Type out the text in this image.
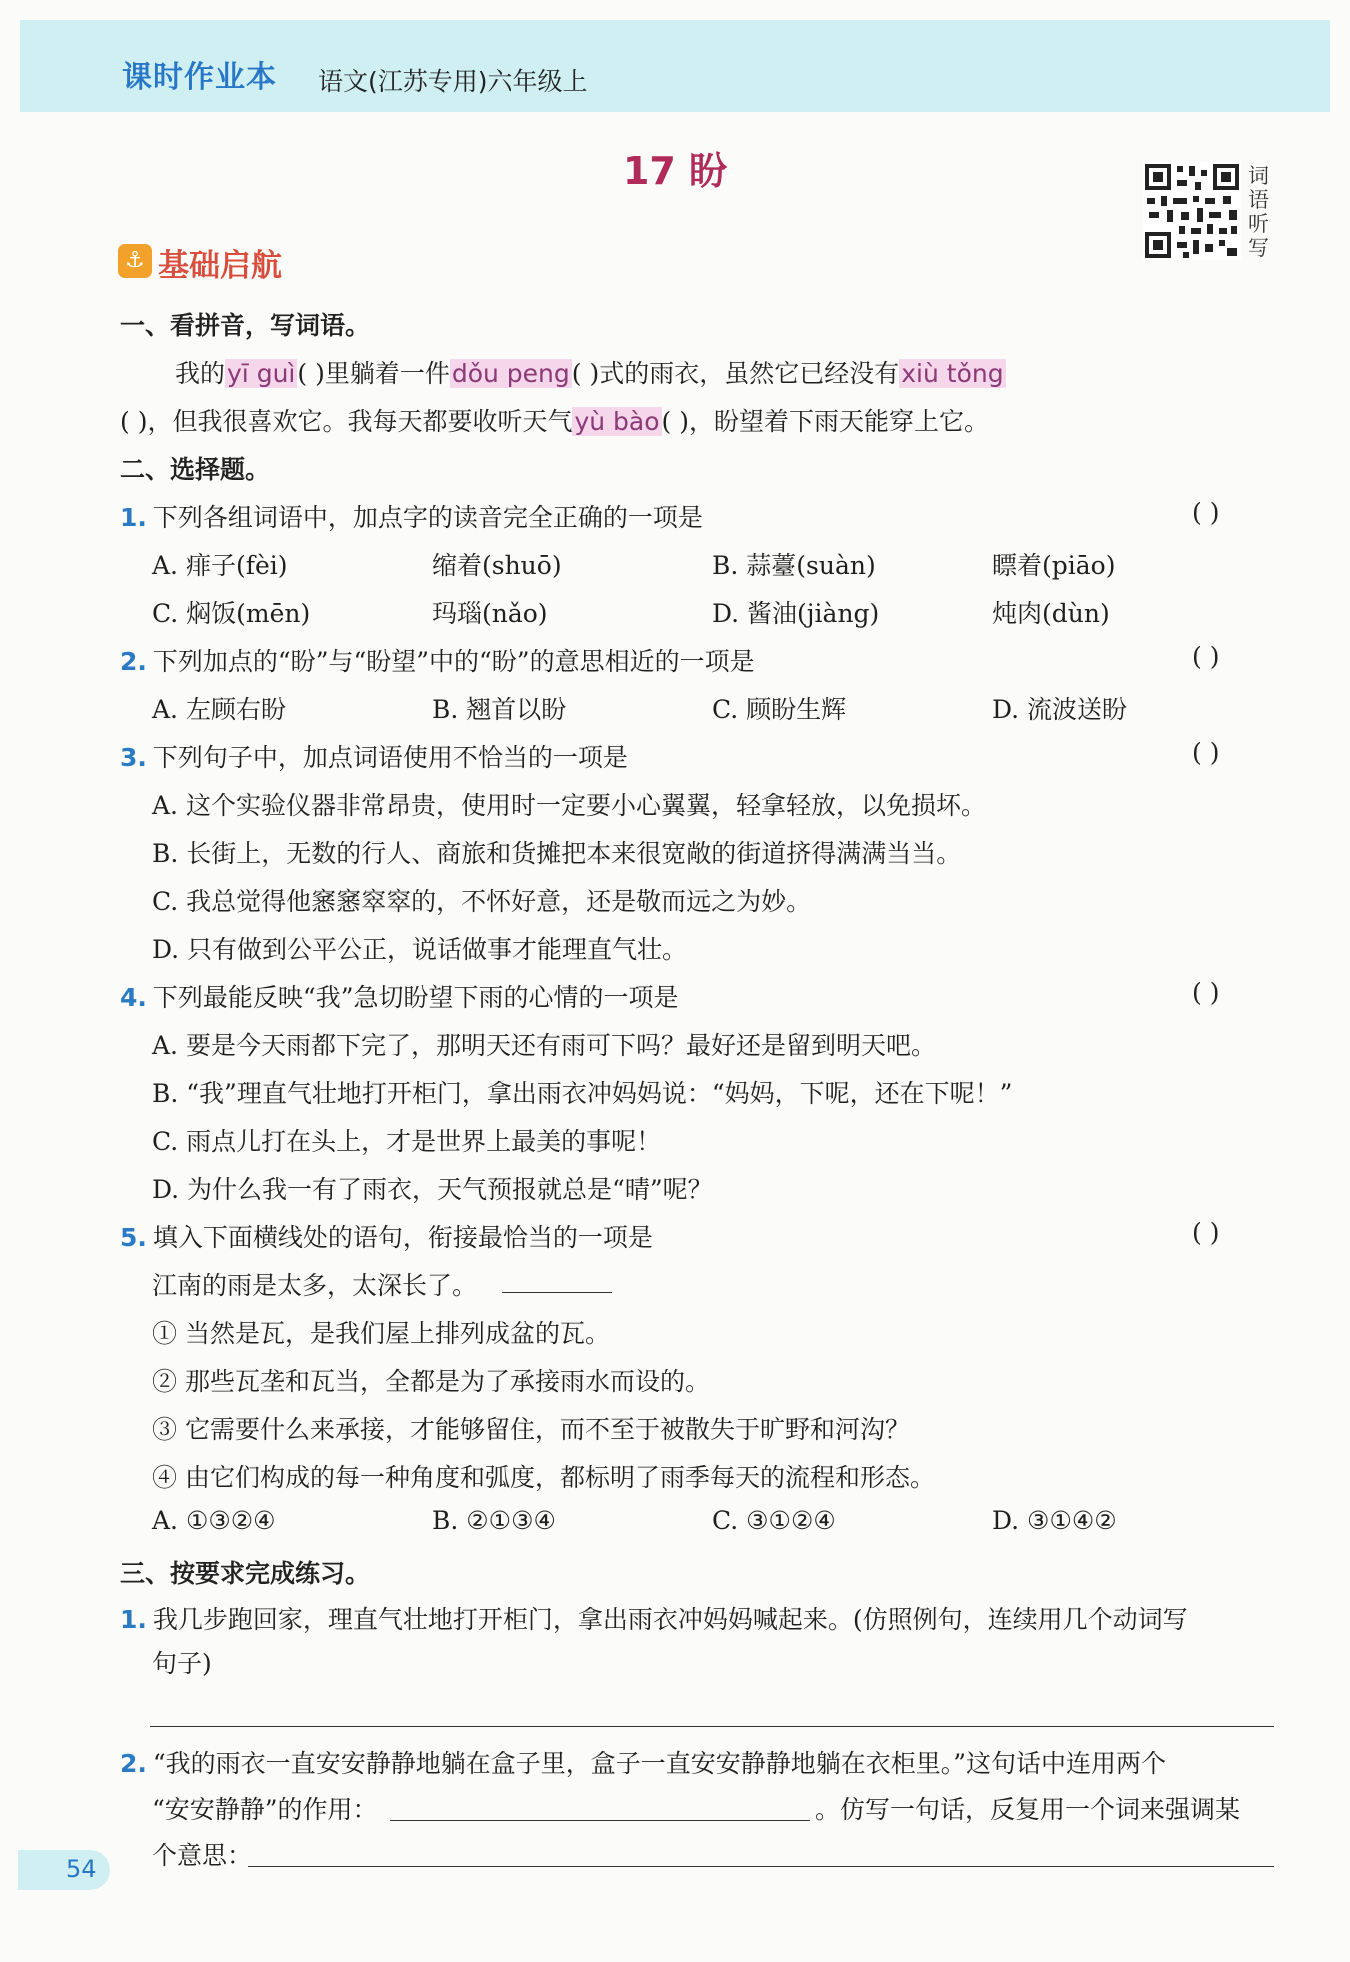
课时作业本 语文(江苏专用)六年级上
17 盼	词
语
听
写
⚓ 基础启航
一、看拼音，写词语。
我的yī guì( )里躺着一件dǒu peng( )式的雨衣，虽然它已经没有xiù tǒng
( )，但我很喜欢它。我每天都要收听天气yù bào( )，盼望着下雨天能穿上它。
二、选择题。
1. 下列各组词语中，加点字的读音完全正确的一项是	( )
A. 痱子(fèi)	缩着(shuō)	B. 蒜薹(suàn)	瞟着(piāo)
C. 焖饭(mēn)	玛瑙(nǎo)	D. 酱油(jiàng)	炖肉(dùn)
2. 下列加点的“盼”与“盼望”中的“盼”的意思相近的一项是	( )
A. 左顾右盼	B. 翘首以盼	C. 顾盼生辉	D. 流波送盼
3. 下列句子中，加点词语使用不恰当的一项是	( )
A. 这个实验仪器非常昂贵，使用时一定要小心翼翼，轻拿轻放，以免损坏。
B. 长街上，无数的行人、商旅和货摊把本来很宽敞的街道挤得满满当当。
C. 我总觉得他窸窸窣窣的，不怀好意，还是敬而远之为妙。
D. 只有做到公平公正，说话做事才能理直气壮。
4. 下列最能反映“我”急切盼望下雨的心情的一项是	( )
A. 要是今天雨都下完了，那明天还有雨可下吗？最好还是留到明天吧。
B. “我”理直气壮地打开柜门，拿出雨衣冲妈妈说：“妈妈，下呢，还在下呢！”
C. 雨点儿打在头上，才是世界上最美的事呢！
D. 为什么我一有了雨衣，天气预报就总是“晴”呢？
5. 填入下面横线处的语句，衔接最恰当的一项是	( )
江南的雨是太多，太深长了。
① 当然是瓦，是我们屋上排列成盆的瓦。
② 那些瓦垄和瓦当，全都是为了承接雨水而设的。
③ 它需要什么来承接，才能够留住，而不至于被散失于旷野和河沟？
④ 由它们构成的每一种角度和弧度，都标明了雨季每天的流程和形态。
A. ①③②④	B. ②①③④	C. ③①②④	D. ③①④②
三、按要求完成练习。
1. 我几步跑回家，理直气壮地打开柜门，拿出雨衣冲妈妈喊起来。(仿照例句，连续用几个动词写
句子)
2. “我的雨衣一直安安静静地躺在盒子里，盒子一直安安静静地躺在衣柜里。”这句话中连用两个
“安安静静”的作用：	。仿写一句话，反复用一个词来强调某
个意思：
54
